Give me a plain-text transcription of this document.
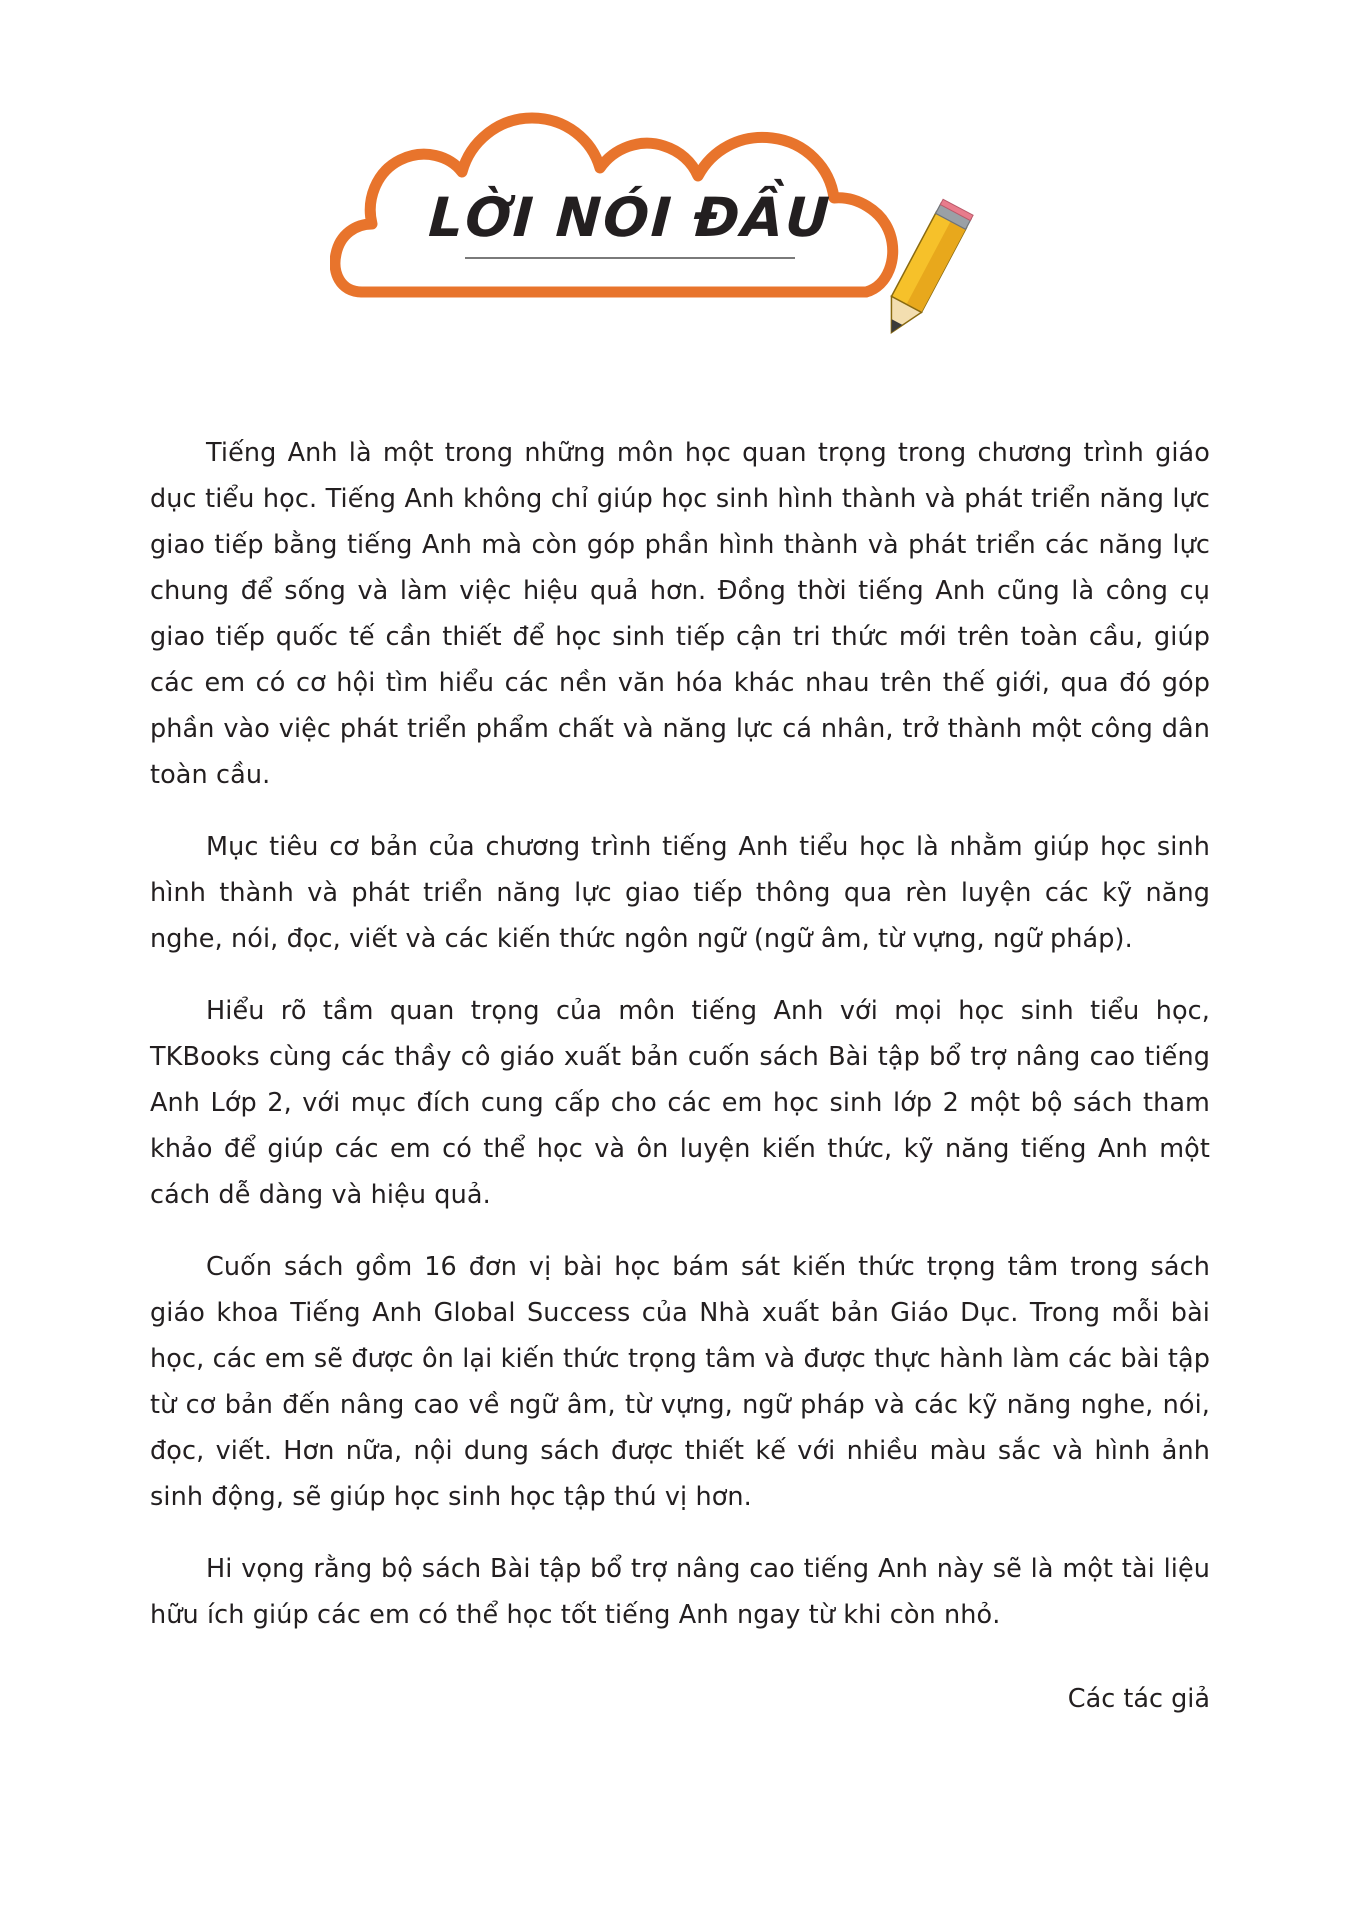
LỜI NÓI ĐẦU

Tiếng Anh là một trong những môn học quan trọng trong chương trình giáo dục tiểu học. Tiếng Anh không chỉ giúp học sinh hình thành và phát triển năng lực giao tiếp bằng tiếng Anh mà còn góp phần hình thành và phát triển các năng lực chung để sống và làm việc hiệu quả hơn. Đồng thời tiếng Anh cũng là công cụ giao tiếp quốc tế cần thiết để học sinh tiếp cận tri thức mới trên toàn cầu, giúp các em có cơ hội tìm hiểu các nền văn hóa khác nhau trên thế giới, qua đó góp phần vào việc phát triển phẩm chất và năng lực cá nhân, trở thành một công dân toàn cầu.

Mục tiêu cơ bản của chương trình tiếng Anh tiểu học là nhằm giúp học sinh hình thành và phát triển năng lực giao tiếp thông qua rèn luyện các kỹ năng nghe, nói, đọc, viết và các kiến thức ngôn ngữ (ngữ âm, từ vựng, ngữ pháp).

Hiểu rõ tầm quan trọng của môn tiếng Anh với mọi học sinh tiểu học, TKBooks cùng các thầy cô giáo xuất bản cuốn sách Bài tập bổ trợ nâng cao tiếng Anh Lớp 2, với mục đích cung cấp cho các em học sinh lớp 2 một bộ sách tham khảo để giúp các em có thể học và ôn luyện kiến thức, kỹ năng tiếng Anh một cách dễ dàng và hiệu quả.

Cuốn sách gồm 16 đơn vị bài học bám sát kiến thức trọng tâm trong sách giáo khoa Tiếng Anh Global Success của Nhà xuất bản Giáo Dục. Trong mỗi bài học, các em sẽ được ôn lại kiến thức trọng tâm và được thực hành làm các bài tập từ cơ bản đến nâng cao về ngữ âm, từ vựng, ngữ pháp và các kỹ năng nghe, nói, đọc, viết. Hơn nữa, nội dung sách được thiết kế với nhiều màu sắc và hình ảnh sinh động, sẽ giúp học sinh học tập thú vị hơn.

Hi vọng rằng bộ sách Bài tập bổ trợ nâng cao tiếng Anh này sẽ là một tài liệu hữu ích giúp các em có thể học tốt tiếng Anh ngay từ khi còn nhỏ.

Các tác giả
